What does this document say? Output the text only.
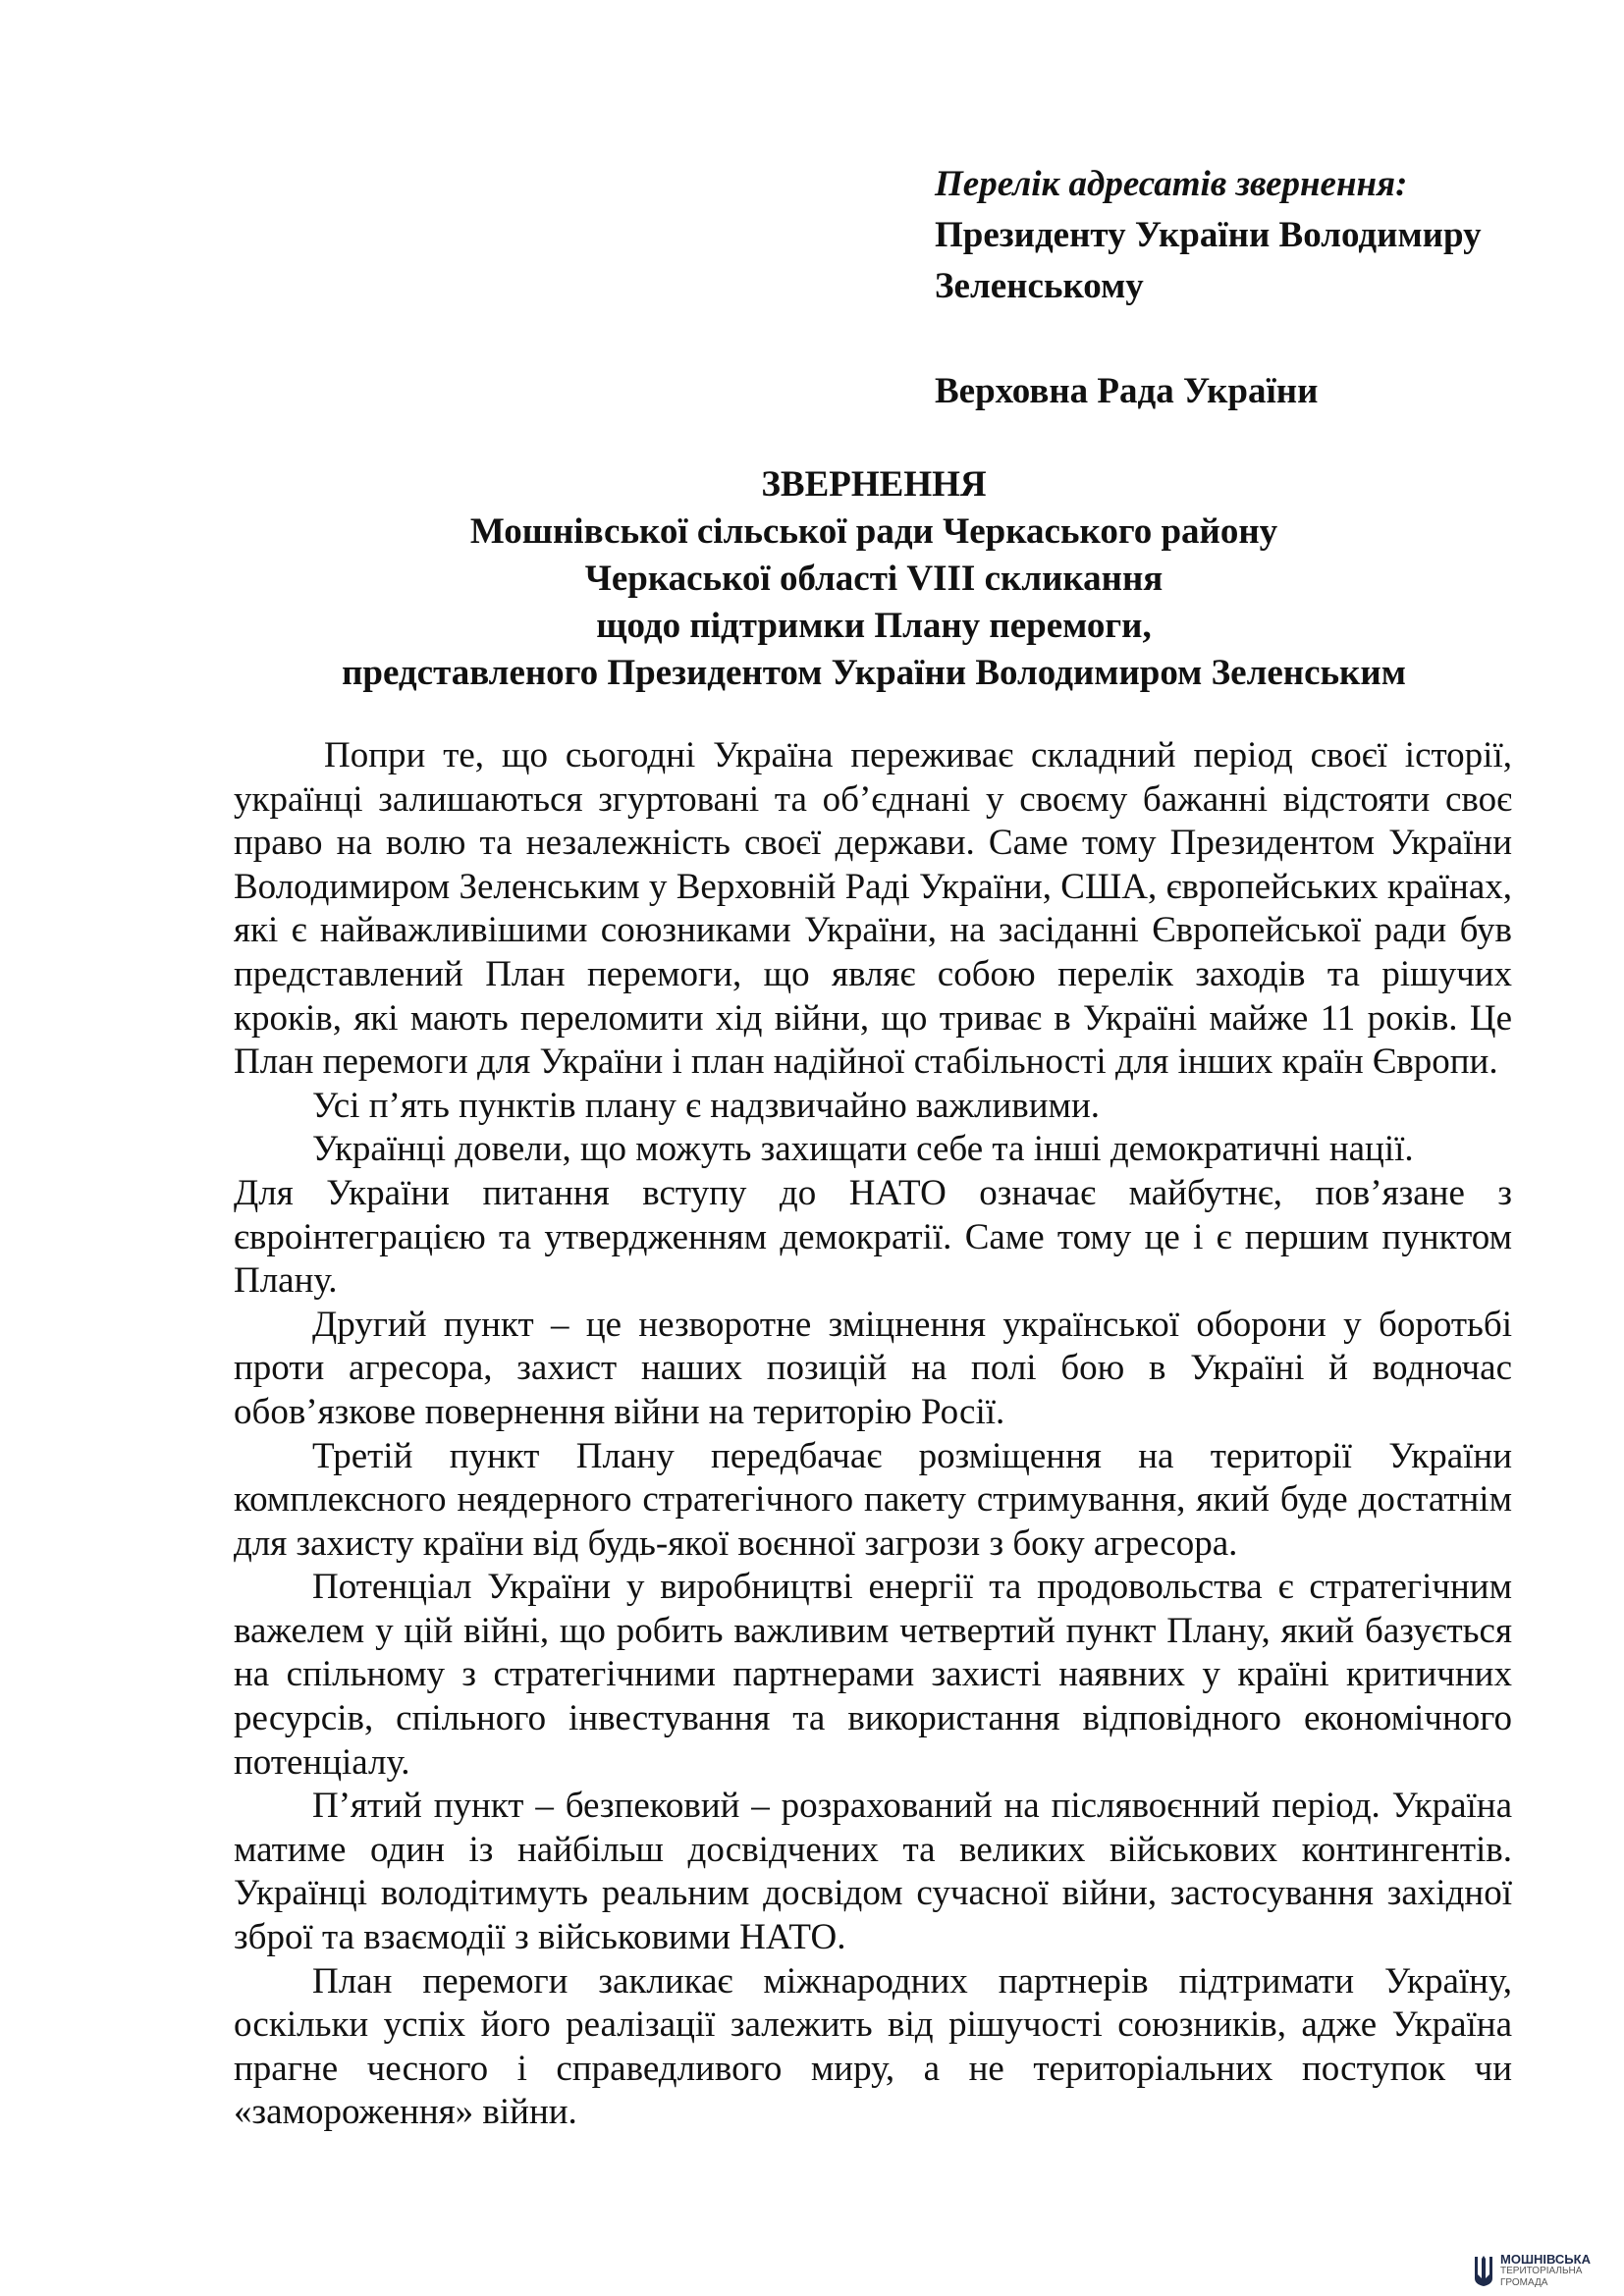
Перелік адресатів звернення:
Президенту України Володимиру
Зеленському
Верховна Рада України
ЗВЕРНЕННЯ
Мошнівської сільської ради Черкаського району
Черкаської області VIII скликання
щодо підтримки Плану перемоги,
представленого Президентом України Володимиром Зеленським

Попри те, що сьогодні Україна переживає складний період своєї історії, українці залишаються згуртовані та об’єднані у своєму бажанні відстояти своє право на волю та незалежність своєї держави. Саме тому Президентом України Володимиром Зеленським у Верховній Раді України, США, європейських країнах, які є найважливішими союзниками України, на засіданні Європейської ради був представлений План перемоги, що являє собою перелік заходів та рішучих кроків, які мають переломити хід війни, що триває в Україні майже 11 років. Це План перемоги для України і план надійної стабільності для інших країн Європи.

Усі п’ять пунктів плану є надзвичайно важливими.

Українці довели, що можуть захищати себе та інші демократичні нації.

Для України питання вступу до НАТО означає майбутнє, пов’язане з євроінтеграцією та утвердженням демократії. Саме тому це і є першим пунктом Плану.

Другий пункт – це незворотне зміцнення української оборони у боротьбі проти агресора, захист наших позицій на полі бою в Україні й водночас обов’язкове повернення війни на територію Росії.

Третій пункт Плану передбачає розміщення на території України комплексного неядерного стратегічного пакету стримування, який буде достатнім для захисту країни від будь-якої воєнної загрози з боку агресора.

Потенціал України у виробництві енергії та продовольства є стратегічним важелем у цій війні, що робить важливим четвертий пункт Плану, який базується на спільному з стратегічними партнерами захисті наявних у країні критичних ресурсів, спільного інвестування та використання відповідного економічного потенціалу.

П’ятий пункт – безпековий – розрахований на післявоєнний період. Україна матиме один із найбільш досвідчених та великих військових контингентів. Українці володітимуть реальним досвідом сучасної війни, застосування західної зброї та взаємодії з військовими НАТО.

План перемоги закликає міжнародних партнерів підтримати Україну, оскільки успіх його реалізації залежить від рішучості союзників, адже Україна прагне чесного і справедливого миру, а не територіальних поступок чи «замороження» війни.

МОШНІВСЬКА
ТЕРИТОРІАЛЬНА
ГРОМАДА
